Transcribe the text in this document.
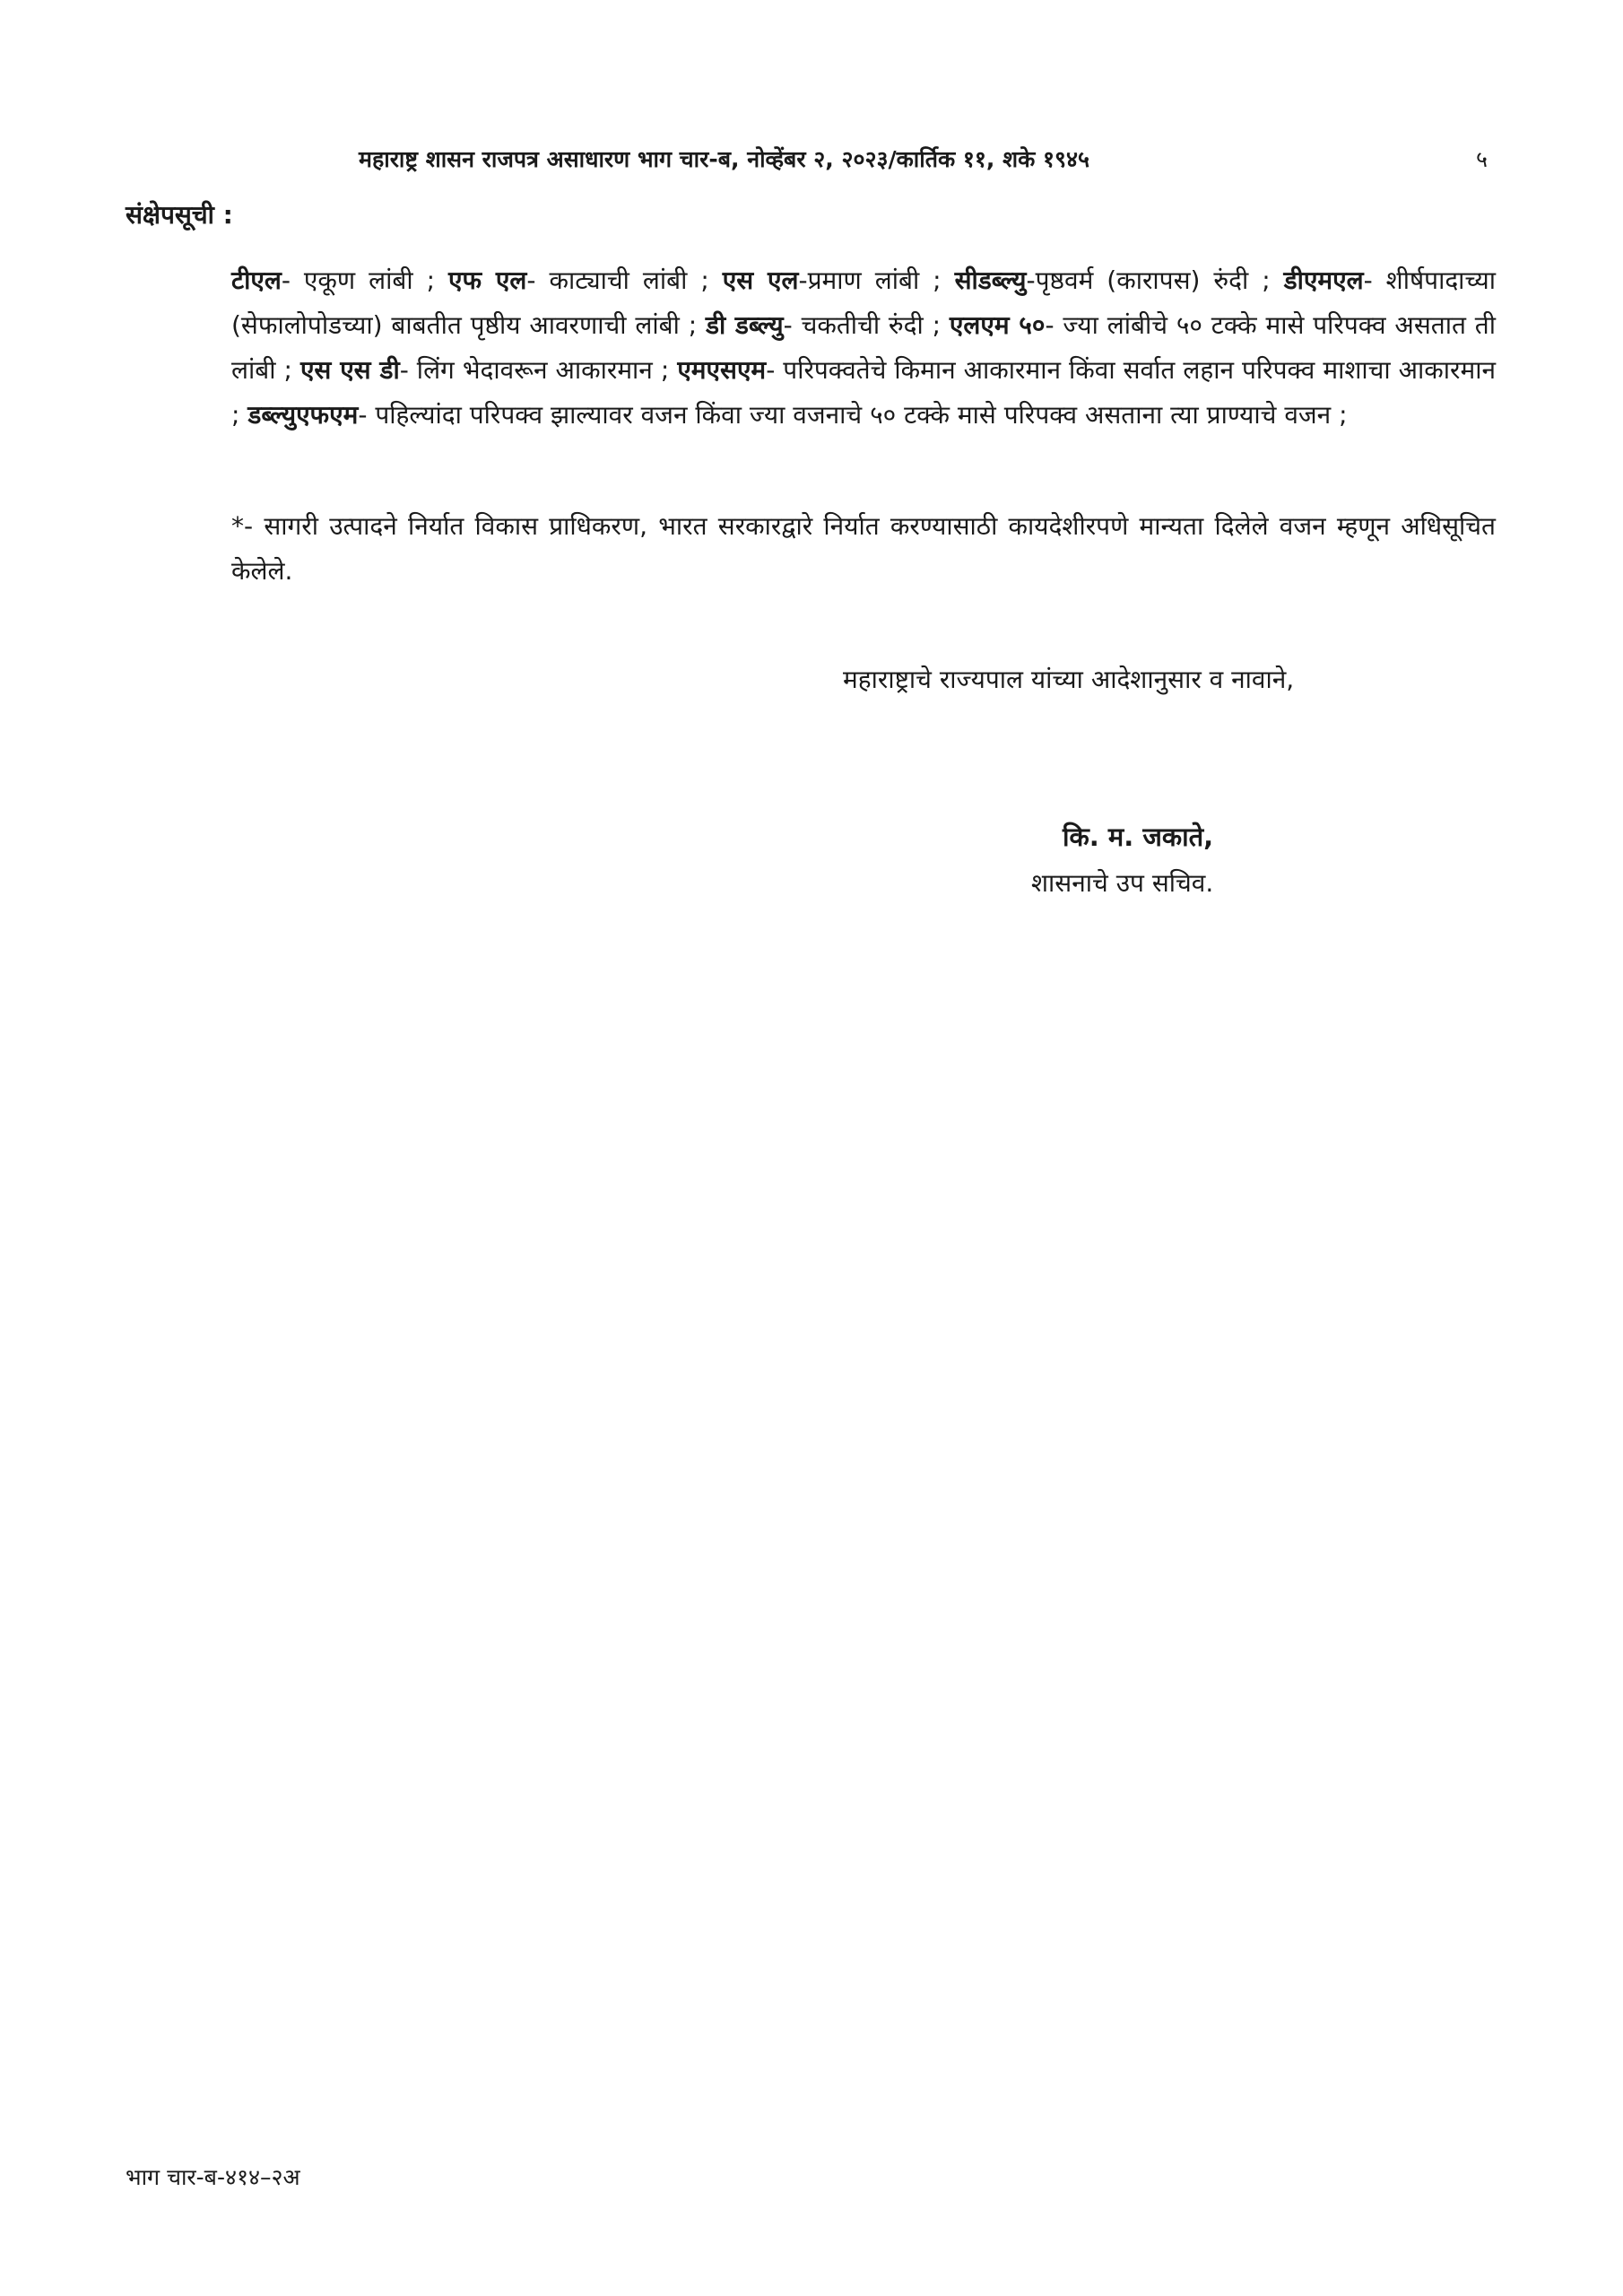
महाराष्ट्र शासन राजपत्र असाधारण भाग चार-ब, नोव्हेंबर २, २०२३/कार्तिक ११, शके १९४५	५
संक्षेपसूची :
टीएल- एकूण लांबी ; एफ एल- काट्याची लांबी ; एस एल-प्रमाण लांबी ; सीडब्ल्यु-पृष्ठवर्म (कारापस) रुंदी ; डीएमएल- शीर्षपादाच्या (सेफालोपोडच्या) बाबतीत पृष्ठीय आवरणाची लांबी ; डी डब्ल्यु- चकतीची रुंदी ; एलएम ५०- ज्या लांबीचे ५० टक्के मासे परिपक्व असतात ती लांबी ; एस एस डी- लिंग भेदावरून आकारमान ; एमएसएम- परिपक्वतेचे किमान आकारमान किंवा सर्वात लहान परिपक्व माशाचा आकारमान ; डब्ल्युएफएम- पहिल्यांदा परिपक्व झाल्यावर वजन किंवा ज्या वजनाचे ५० टक्के मासे परिपक्व असताना त्या प्राण्याचे वजन ;
*- सागरी उत्पादने निर्यात विकास प्राधिकरण, भारत सरकारद्वारे निर्यात करण्यासाठी कायदेशीरपणे मान्यता दिलेले वजन म्हणून अधिसूचित केलेले.
महाराष्ट्राचे राज्यपाल यांच्या आदेशानुसार व नावाने,
कि. म. जकाते,
शासनाचे उप सचिव.
भाग चार-ब-४१४–२अ
